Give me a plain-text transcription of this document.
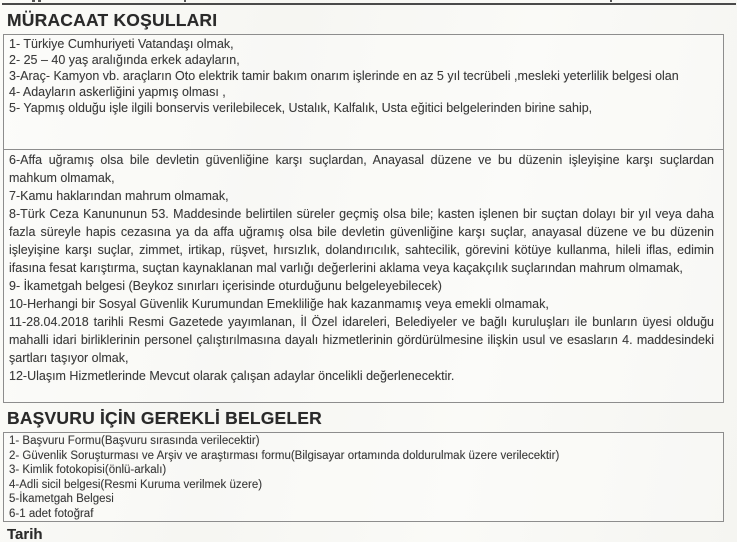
MÜRACAAT KOŞULLARI

1- Türkiye Cumhuriyeti Vatandaşı olmak,

2- 25 – 40 yaş aralığında erkek adayların,

3-Araç- Kamyon vb. araçların Oto elektrik tamir bakım onarım işlerinde en az 5 yıl tecrübeli ,mesleki yeterlilik belgesi olan

4- Adayların askerliğini yapmış olması ,

5- Yapmış olduğu işle ilgili bonservis verilebilecek, Ustalık, Kalfalık, Usta eğitici belgelerinden birine sahip,

6-Affa uğramış olsa bile devletin güvenliğine karşı suçlardan, Anayasal düzene ve bu düzenin işleyişine karşı suçlardan mahkum olmamak,

7-Kamu haklarından mahrum olmamak,

8-Türk Ceza Kanununun 53. Maddesinde belirtilen süreler geçmiş olsa bile; kasten işlenen bir suçtan dolayı bir yıl veya daha fazla süreyle hapis cezasına ya da affa uğramış olsa bile devletin güvenliğine karşı suçlar, anayasal düzene ve bu düzenin işleyişine karşı suçlar, zimmet, irtikap, rüşvet, hırsızlık, dolandırıcılık, sahtecilik, görevini kötüye kullanma, hileli iflas, edimin ifasına fesat karıştırma, suçtan kaynaklanan mal varlığı değerlerini aklama veya kaçakçılık suçlarından mahrum olmamak,

9- İkametgah belgesi (Beykoz sınırları içerisinde oturduğunu belgeleyebilecek)

10-Herhangi bir Sosyal Güvenlik Kurumundan Emekliliğe hak kazanmamış veya emekli olmamak,

11-28.04.2018 tarihli Resmi Gazetede yayımlanan, İl Özel idareleri, Belediyeler ve bağlı kuruluşları ile bunların üyesi olduğu mahalli idari birliklerinin personel çalıştırılmasına dayalı hizmetlerinin gördürülmesine ilişkin usul ve esasların 4. maddesindeki şartları taşıyor olmak,

12-Ulaşım Hizmetlerinde Mevcut olarak çalışan adaylar öncelikli değerlenecektir.

BAŞVURU İÇİN GEREKLİ BELGELER

1- Başvuru Formu(Başvuru sırasında verilecektir)

2- Güvenlik Soruşturması ve Arşiv ve araştırması formu(Bilgisayar ortamında doldurulmak üzere verilecektir)

3- Kimlik fotokopisi(önlü-arkalı)

4-Adli sicil belgesi(Resmi Kuruma verilmek üzere)

5-İkametgah Belgesi

6-1 adet fotoğraf

Tarih
